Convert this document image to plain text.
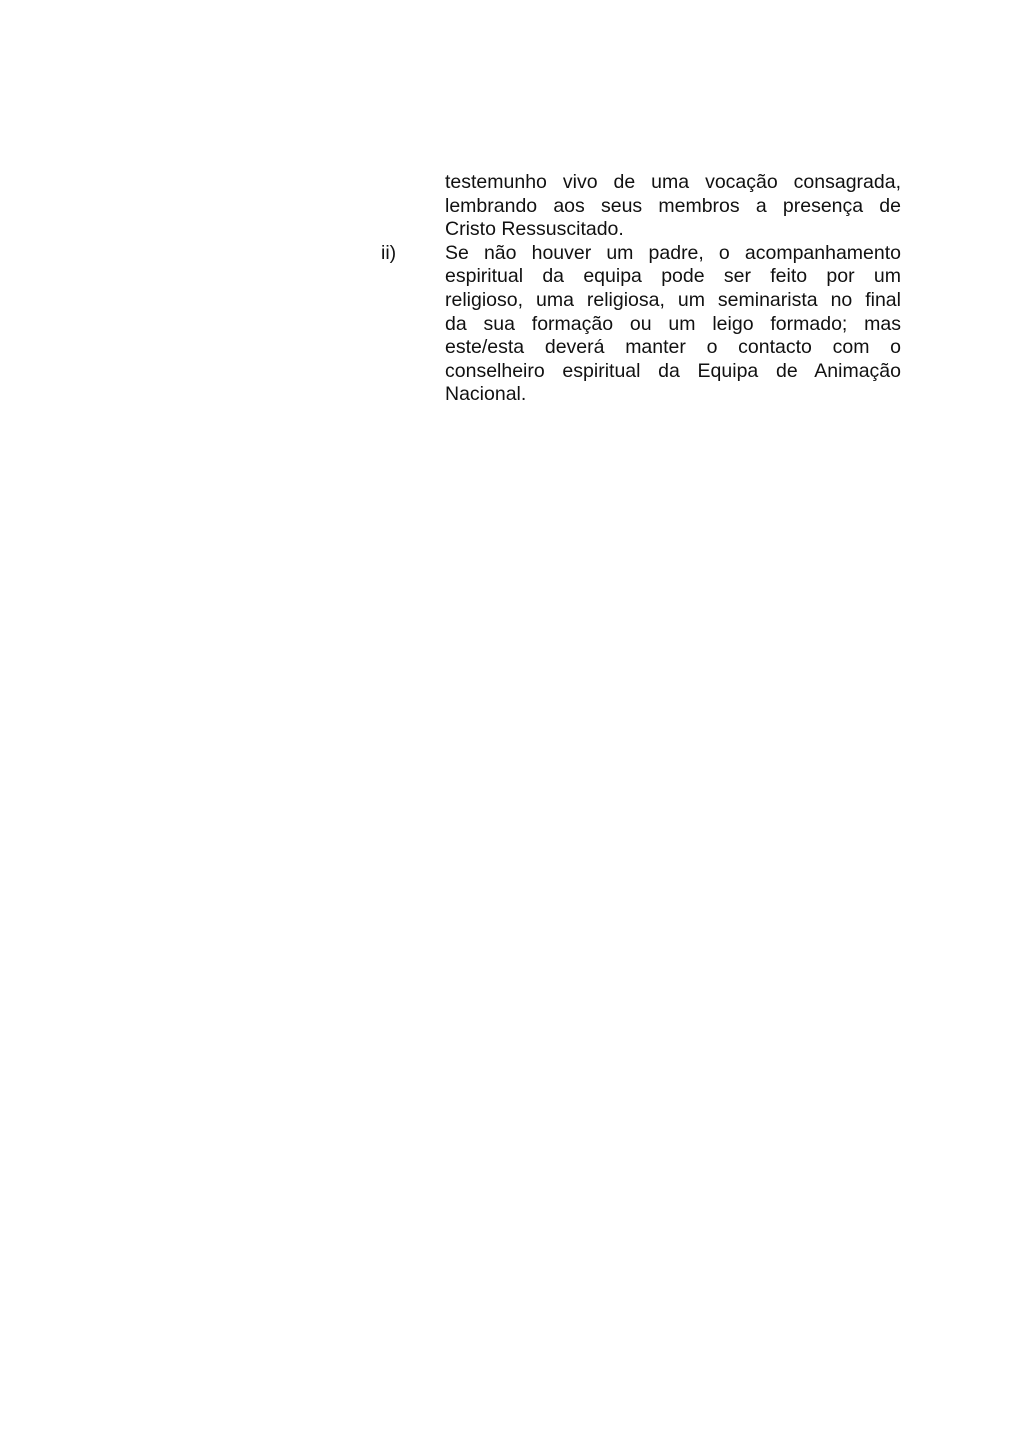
testemunho vivo de uma vocação consagrada,
lembrando aos seus membros a presença de
Cristo Ressuscitado.
ii)	Se não houver um padre, o acompanhamento
espiritual da equipa pode ser feito por um
religioso, uma religiosa, um seminarista no final
da sua formação ou um leigo formado; mas
este/esta deverá manter o contacto com o
conselheiro espiritual da Equipa de Animação
Nacional.
